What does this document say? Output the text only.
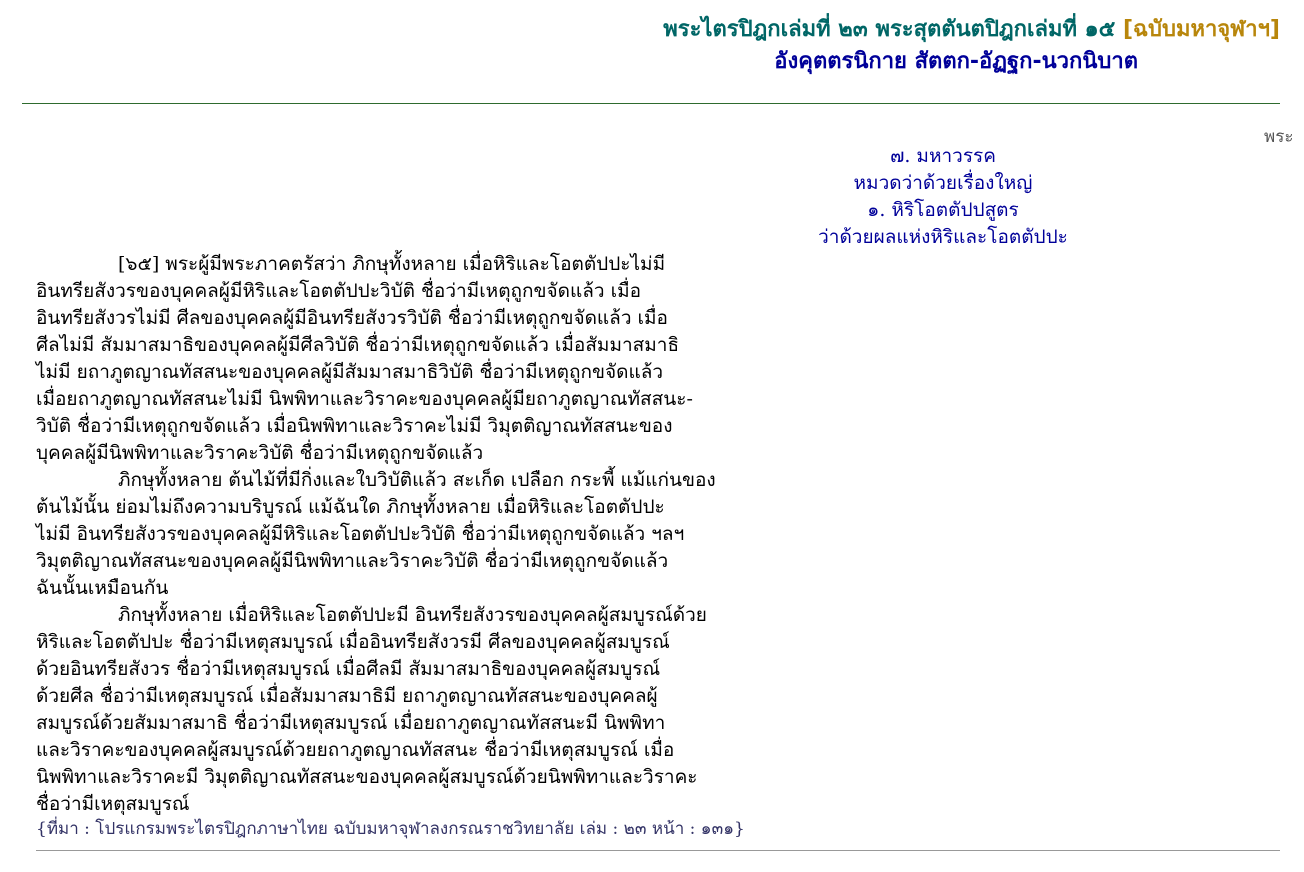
พระไตรปิฎกเล่มที่ ๒๓ พระสุตตันตปิฎกเล่มที่ ๑๕ [ฉบับมหาจุฬาฯ]
อังคุตตรนิกาย สัตตก-อัฏฐก-นวกนิบาต
พระ
๗. มหาวรรค
หมวดว่าด้วยเรื่องใหญ่
๑. หิริโอตตัปปสูตร
ว่าด้วยผลแห่งหิริและโอตตัปปะ
[๖๕] พระผู้มีพระภาคตรัสว่า ภิกษุทั้งหลาย เมื่อหิริและโอตตัปปะไม่มี
อินทรียสังวรของบุคคลผู้มีหิริและโอตตัปปะวิบัติ ชื่อว่ามีเหตุถูกขจัดแล้ว เมื่อ
อินทรียสังวรไม่มี ศีลของบุคคลผู้มีอินทรียสังวรวิบัติ ชื่อว่ามีเหตุถูกขจัดแล้ว เมื่อ
ศีลไม่มี สัมมาสมาธิของบุคคลผู้มีศีลวิบัติ ชื่อว่ามีเหตุถูกขจัดแล้ว เมื่อสัมมาสมาธิ
ไม่มี ยถาภูตญาณทัสสนะของบุคคลผู้มีสัมมาสมาธิวิบัติ ชื่อว่ามีเหตุถูกขจัดแล้ว
เมื่อยถาภูตญาณทัสสนะไม่มี นิพพิทาและวิราคะของบุคคลผู้มียถาภูตญาณทัสสนะ-
วิบัติ ชื่อว่ามีเหตุถูกขจัดแล้ว เมื่อนิพพิทาและวิราคะไม่มี วิมุตติญาณทัสสนะของ
บุคคลผู้มีนิพพิทาและวิราคะวิบัติ ชื่อว่ามีเหตุถูกขจัดแล้ว
ภิกษุทั้งหลาย ต้นไม้ที่มีกิ่งและใบวิบัติแล้ว สะเก็ด เปลือก กระพี้ แม้แก่นของ
ต้นไม้นั้น ย่อมไม่ถึงความบริบูรณ์ แม้ฉันใด ภิกษุทั้งหลาย เมื่อหิริและโอตตัปปะ
ไม่มี อินทรียสังวรของบุคคลผู้มีหิริและโอตตัปปะวิบัติ ชื่อว่ามีเหตุถูกขจัดแล้ว ฯลฯ
วิมุตติญาณทัสสนะของบุคคลผู้มีนิพพิทาและวิราคะวิบัติ ชื่อว่ามีเหตุถูกขจัดแล้ว
ฉันนั้นเหมือนกัน
ภิกษุทั้งหลาย เมื่อหิริและโอตตัปปะมี อินทรียสังวรของบุคคลผู้สมบูรณ์ด้วย
หิริและโอตตัปปะ ชื่อว่ามีเหตุสมบูรณ์ เมื่ออินทรียสังวรมี ศีลของบุคคลผู้สมบูรณ์
ด้วยอินทรียสังวร ชื่อว่ามีเหตุสมบูรณ์ เมื่อศีลมี สัมมาสมาธิของบุคคลผู้สมบูรณ์
ด้วยศีล ชื่อว่ามีเหตุสมบูรณ์ เมื่อสัมมาสมาธิมี ยถาภูตญาณทัสสนะของบุคคลผู้
สมบูรณ์ด้วยสัมมาสมาธิ ชื่อว่ามีเหตุสมบูรณ์ เมื่อยถาภูตญาณทัสสนะมี นิพพิทา
และวิราคะของบุคคลผู้สมบูรณ์ด้วยยถาภูตญาณทัสสนะ ชื่อว่ามีเหตุสมบูรณ์ เมื่อ
นิพพิทาและวิราคะมี วิมุตติญาณทัสสนะของบุคคลผู้สมบูรณ์ด้วยนิพพิทาและวิราคะ
ชื่อว่ามีเหตุสมบูรณ์
{ที่มา : โปรแกรมพระไตรปิฎกภาษาไทย ฉบับมหาจุฬาลงกรณราชวิทยาลัย เล่ม : ๒๓ หน้า : ๑๓๑}
